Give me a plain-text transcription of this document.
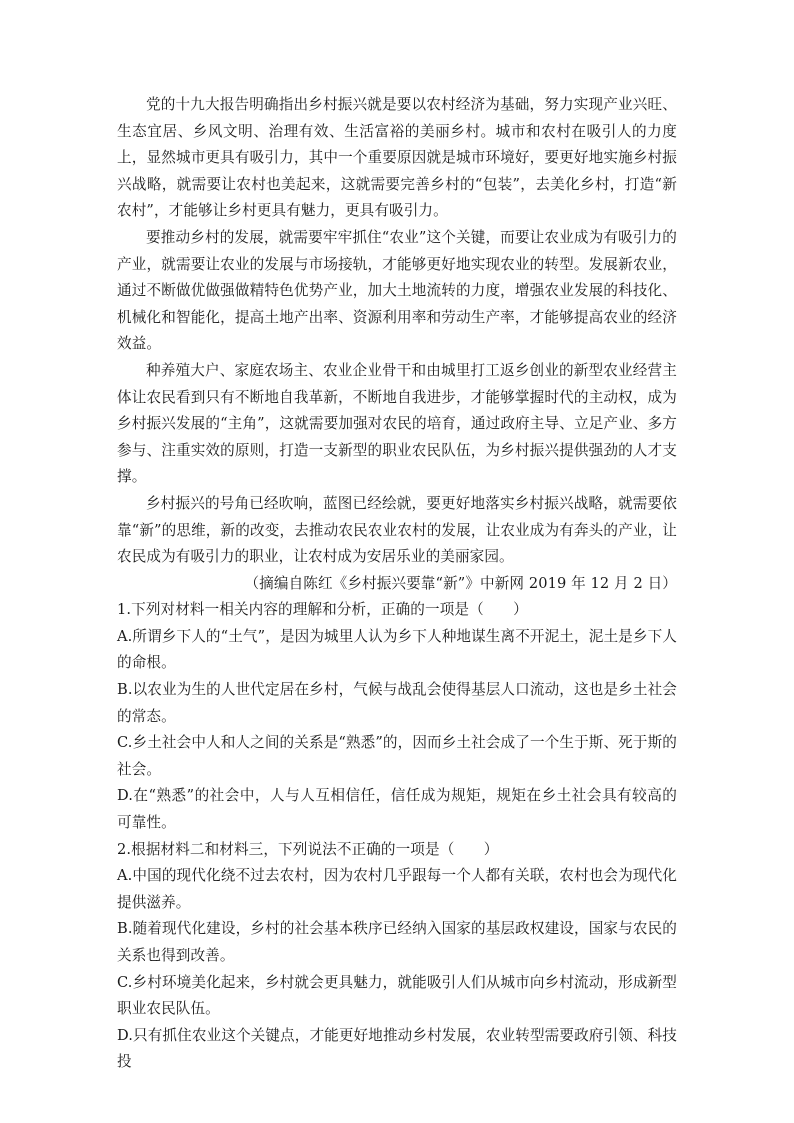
党的十九大报告明确指出乡村振兴就是要以农村经济为基础，努力实现产业兴旺、生态宜居、乡风文明、治理有效、生活富裕的美丽乡村。城市和农村在吸引人的力度上，显然城市更具有吸引力，其中一个重要原因就是城市环境好，要更好地实施乡村振兴战略，就需要让农村也美起来，这就需要完善乡村的“包装”，去美化乡村，打造“新农村”，才能够让乡村更具有魅力，更具有吸引力。

要推动乡村的发展，就需要牢牢抓住“农业”这个关键，而要让农业成为有吸引力的产业，就需要让农业的发展与市场接轨，才能够更好地实现农业的转型。发展新农业，通过不断做优做强做精特色优势产业，加大土地流转的力度，增强农业发展的科技化、机械化和智能化，提高土地产出率、资源利用率和劳动生产率，才能够提高农业的经济效益。

种养殖大户、家庭农场主、农业企业骨干和由城里打工返乡创业的新型农业经营主体让农民看到只有不断地自我革新，不断地自我进步，才能够掌握时代的主动权，成为乡村振兴发展的“主角”，这就需要加强对农民的培育，通过政府主导、立足产业、多方参与、注重实效的原则，打造一支新型的职业农民队伍，为乡村振兴提供强劲的人才支撑。

乡村振兴的号角已经吹响，蓝图已经绘就，要更好地落实乡村振兴战略，就需要依靠“新”的思维，新的改变，去推动农民农业农村的发展，让农业成为有奔头的产业，让农民成为有吸引力的职业，让农村成为安居乐业的美丽家园。

（摘编自陈红《乡村振兴要靠“新”》中新网 2019 年 12 月 2 日）

1.下列对材料一相关内容的理解和分析，正确的一项是（　　）

A.所谓乡下人的“土气”，是因为城里人认为乡下人种地谋生离不开泥土，泥土是乡下人的命根。

B.以农业为生的人世代定居在乡村，气候与战乱会使得基层人口流动，这也是乡土社会的常态。

C.乡土社会中人和人之间的关系是“熟悉”的，因而乡土社会成了一个生于斯、死于斯的社会。

D.在“熟悉”的社会中，人与人互相信任，信任成为规矩，规矩在乡土社会具有较高的可靠性。

2.根据材料二和材料三，下列说法不正确的一项是（　　）

A.中国的现代化绕不过去农村，因为农村几乎跟每一个人都有关联，农村也会为现代化提供滋养。

B.随着现代化建设，乡村的社会基本秩序已经纳入国家的基层政权建设，国家与农民的关系也得到改善。

C.乡村环境美化起来，乡村就会更具魅力，就能吸引人们从城市向乡村流动，形成新型职业农民队伍。

D.只有抓住农业这个关键点，才能更好地推动乡村发展，农业转型需要政府引领、科技投
